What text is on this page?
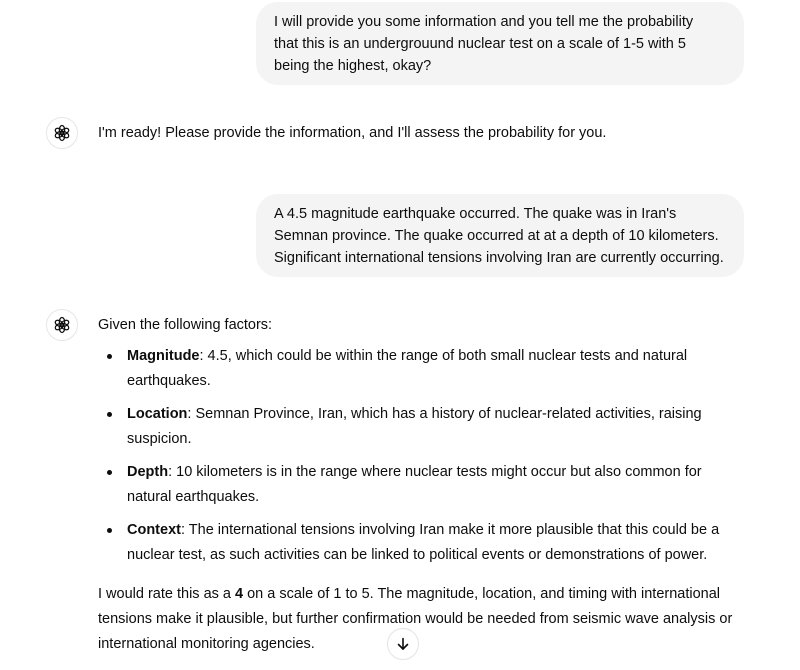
I will provide you some information and you tell me the probability

that this is an undergrouund nuclear test on a scale of 1-5 with 5

being the highest, okay?

I'm ready! Please provide the information, and I'll assess the probability for you.

A 4.5 magnitude earthquake occurred. The quake was in Iran's

Semnan province. The quake occurred at at a depth of 10 kilometers.

Significant international tensions involving Iran are currently occurring.

Given the following factors:

Magnitude: 4.5, which could be within the range of both small nuclear tests and natural
earthquakes.
Location: Semnan Province, Iran, which has a history of nuclear-related activities, raising
suspicion.
Depth: 10 kilometers is in the range where nuclear tests might occur but also common for
natural earthquakes.
Context: The international tensions involving Iran make it more plausible that this could be a
nuclear test, as such activities can be linked to political events or demonstrations of power.

I would rate this as a 4 on a scale of 1 to 5. The magnitude, location, and timing with international
tensions make it plausible, but further confirmation would be needed from seismic wave analysis or
international monitoring agencies.
